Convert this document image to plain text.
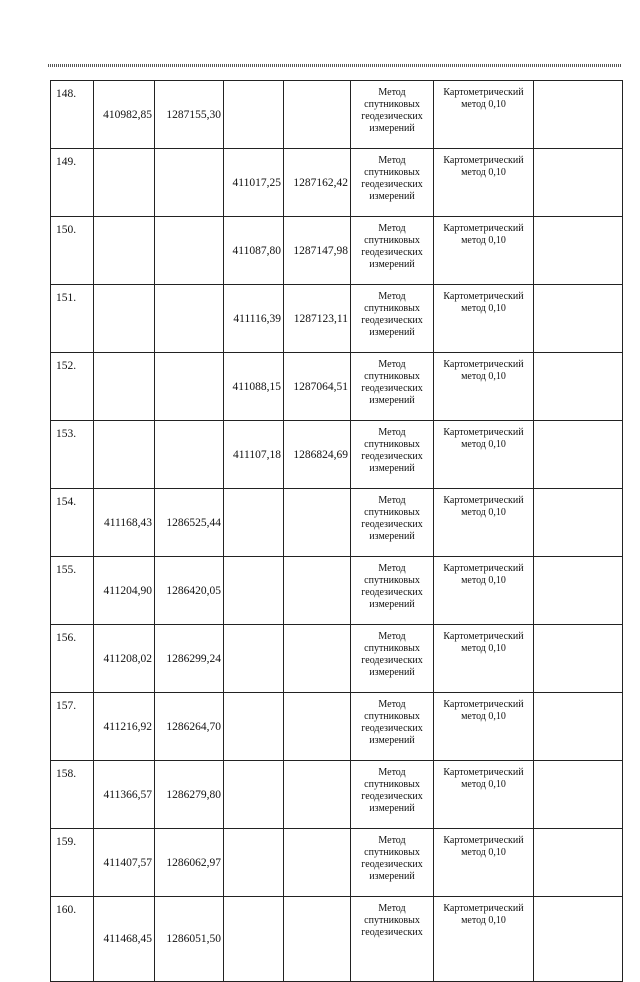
148.	410982,85	1287155,30			Метод спутниковых геодезических измерений	Картометрический метод 0,10	
149.			411017,25	1287162,42	Метод спутниковых геодезических измерений	Картометрический метод 0,10	
150.			411087,80	1287147,98	Метод спутниковых геодезических измерений	Картометрический метод 0,10	
151.			411116,39	1287123,11	Метод спутниковых геодезических измерений	Картометрический метод 0,10	
152.			411088,15	1287064,51	Метод спутниковых геодезических измерений	Картометрический метод 0,10	
153.			411107,18	1286824,69	Метод спутниковых геодезических измерений	Картометрический метод 0,10	
154.	411168,43	1286525,44			Метод спутниковых геодезических измерений	Картометрический метод 0,10	
155.	411204,90	1286420,05			Метод спутниковых геодезических измерений	Картометрический метод 0,10	
156.	411208,02	1286299,24			Метод спутниковых геодезических измерений	Картометрический метод 0,10	
157.	411216,92	1286264,70			Метод спутниковых геодезических измерений	Картометрический метод 0,10	
158.	411366,57	1286279,80			Метод спутниковых геодезических измерений	Картометрический метод 0,10	
159.	411407,57	1286062,97			Метод спутниковых геодезических измерений	Картометрический метод 0,10	
160.	411468,45	1286051,50			Метод спутниковых геодезических	Картометрический метод 0,10	
